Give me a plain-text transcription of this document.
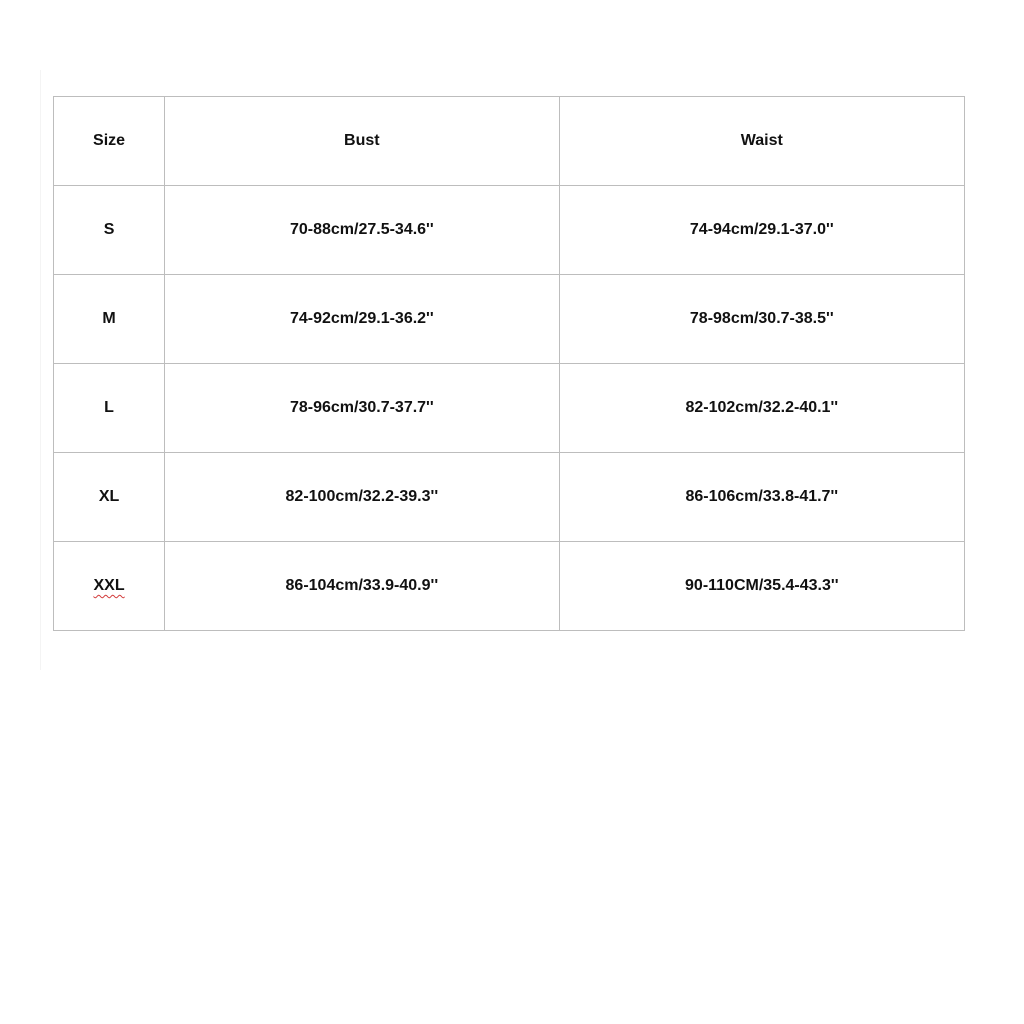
Size	Bust	Waist
S	70-88cm/27.5-34.6''	74-94cm/29.1-37.0''
M	74-92cm/29.1-36.2''	78-98cm/30.7-38.5''
L	78-96cm/30.7-37.7''	82-102cm/32.2-40.1''
XL	82-100cm/32.2-39.3''	86-106cm/33.8-41.7''
XXL	86-104cm/33.9-40.9''	90-110CM/35.4-43.3''
